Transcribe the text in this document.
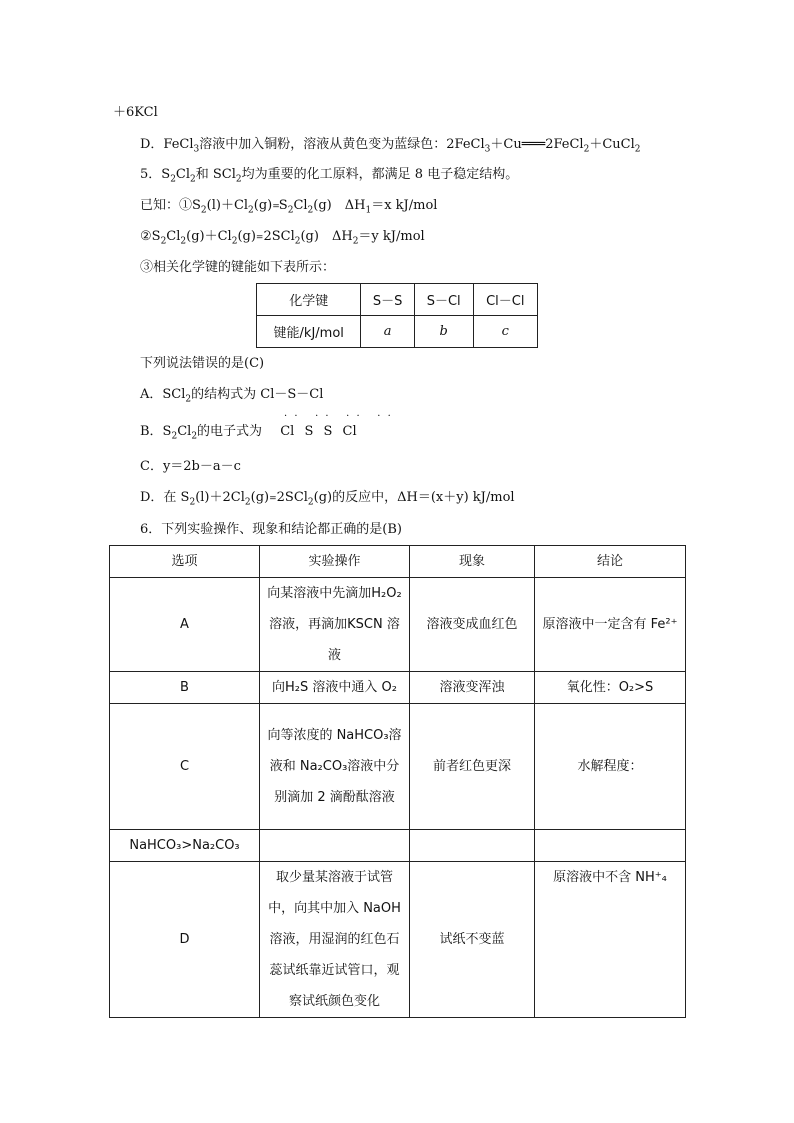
＋6KCl
D．FeCl$_3$溶液中加入铜粉，溶液从黄色变为蓝绿色：2FeCl$_3$＋Cu═══2FeCl$_2$＋CuCl$_2$
5．$S_2Cl_2$和 SCl$_2$均为重要的化工原料，都满足 8 电子稳定结构。
已知：$①S_2(l)+Cl_2(g)=S_2Cl_2(g)$　$\Delta H_1=x$ kJ/mol
$②S_2Cl_2(g)+Cl_2(g)=2SCl_2(g)$　$\Delta H_2=y$ kJ/mol
③相关化学键的键能如下表所示：
化学键	S－S	S－Cl	Cl－Cl
键能/kJ/mol	a	b	c
下列说法错误的是(C)
A．SCl$_2$的结构式为 Cl－S－Cl
· ·   · ·   · ·   · ·
B．$S_2Cl_2$的电子式为 Cl S S Cl
C．y＝2b－a－c
D．在 $S_2(l)+2Cl_2(g)=2SCl_2(g)$的反应中，ΔH＝(x＋y) kJ/mol
6．下列实验操作、现象和结论都正确的是(B)
选项	实验操作	现象	结论
A	向某溶液中先滴加H₂O₂溶液，再滴加KSCN 溶液	溶液变成血红色	原溶液中一定含有 Fe²⁺
B	向H₂S 溶液中通入 O₂	溶液变浑浊	氧化性：O₂>S
C	向等浓度的 NaHCO₃溶液和 Na₂CO₃溶液中分别滴加 2 滴酚酞溶液	前者红色更深	水解程度：
NaHCO₃>Na₂CO₃			
D	取少量某溶液于试管中，向其中加入 NaOH 溶液，用湿润的红色石蕊试纸靠近试管口，观察试纸颜色变化	试纸不变蓝	原溶液中不含 NH⁺₄
